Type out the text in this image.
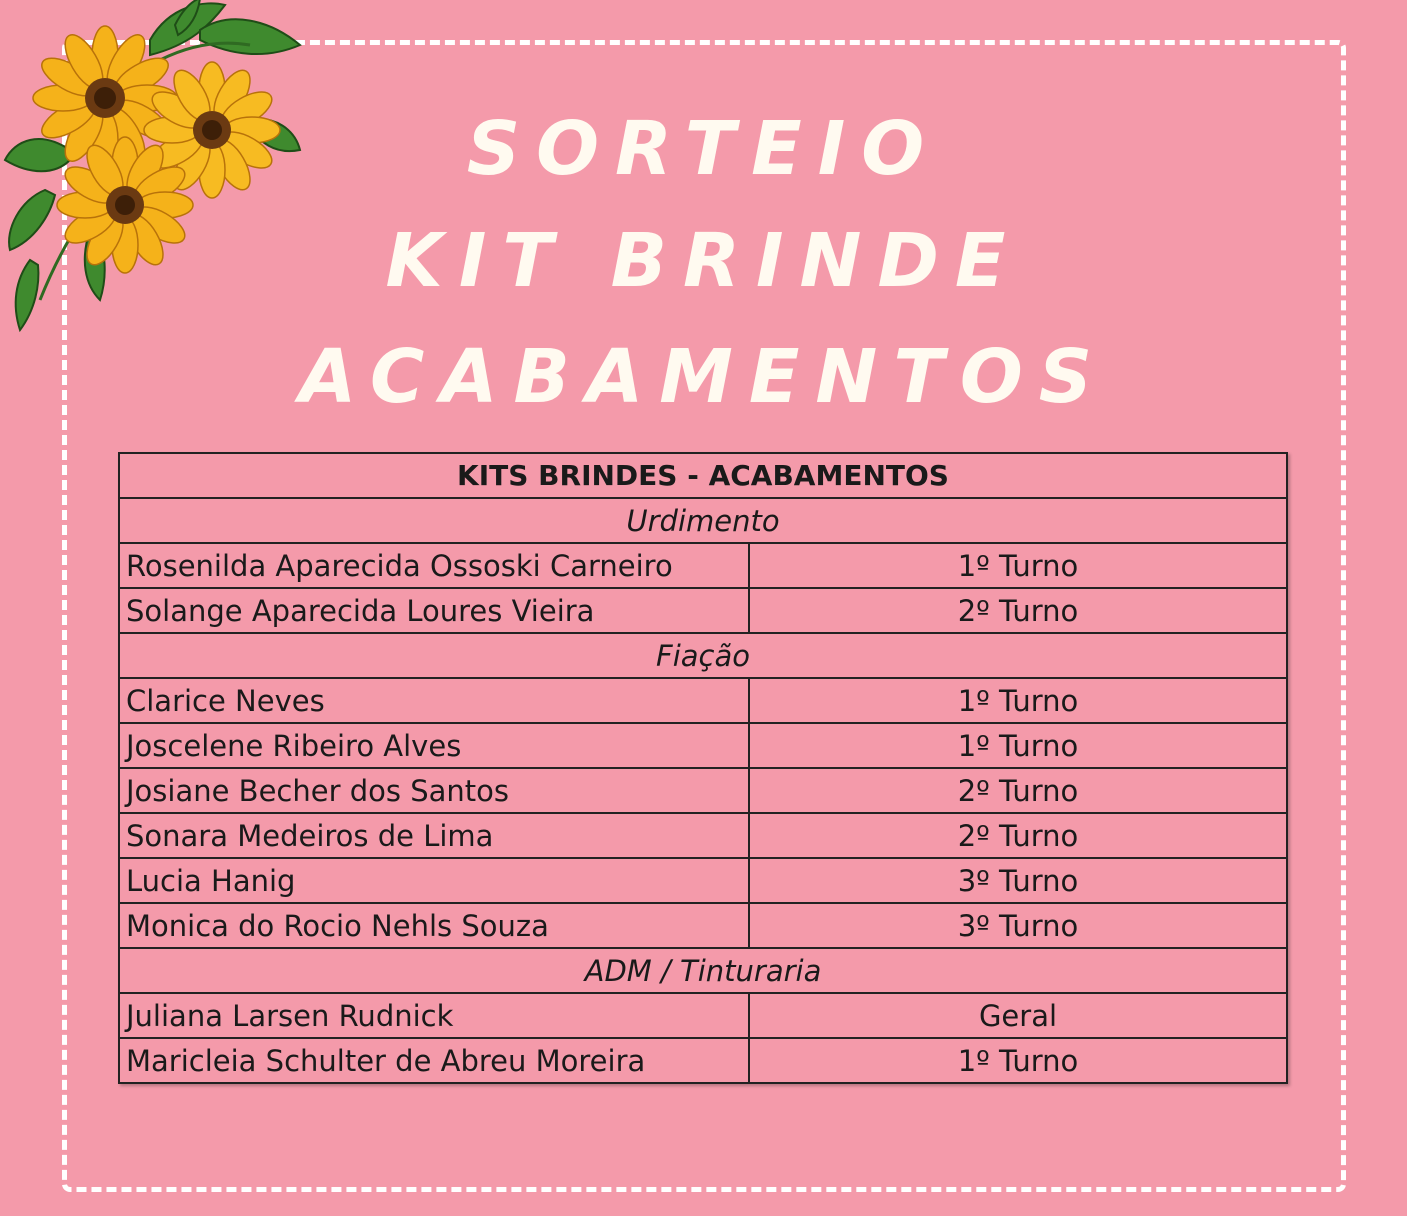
SORTEIO
KIT BRINDE
ACABAMENTOS
KITS BRINDES - ACABAMENTOS	
Urdimento	
Rosenilda Aparecida Ossoski Carneiro	1º Turno
Solange Aparecida Loures Vieira	2º Turno
Fiação	
Clarice Neves	1º Turno
Joscelene Ribeiro Alves	1º Turno
Josiane Becher dos Santos	2º Turno
Sonara Medeiros de Lima	2º Turno
Lucia Hanig	3º Turno
Monica do Rocio Nehls Souza	3º Turno
ADM / Tinturaria	
Juliana Larsen Rudnick	Geral
Maricleia Schulter de Abreu Moreira	1º Turno
